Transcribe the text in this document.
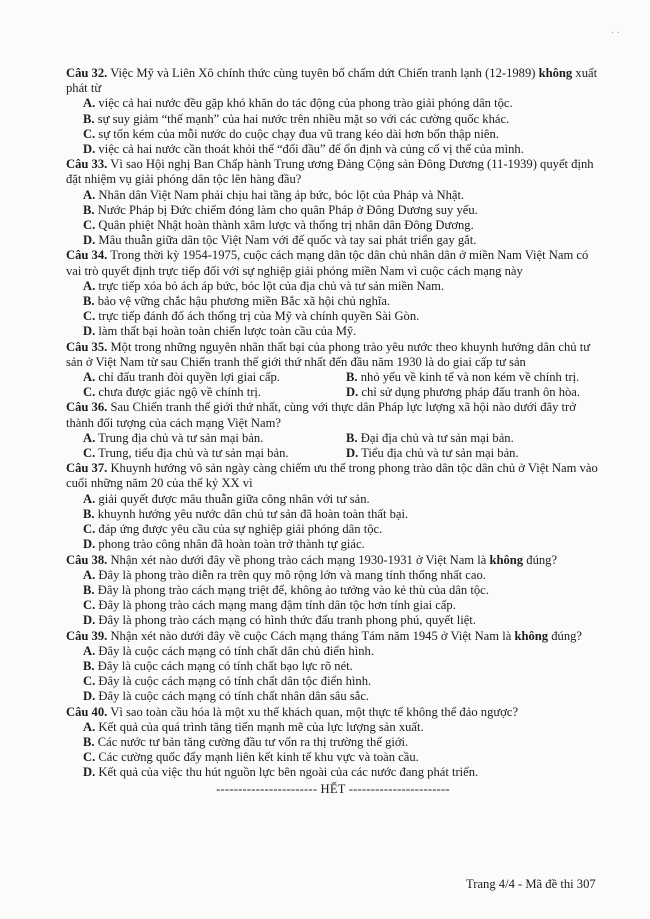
· ·

Câu 32. Việc Mỹ và Liên Xô chính thức cùng tuyên bố chấm dứt Chiến tranh lạnh (12-1989) không xuất phát từ

A. việc cả hai nước đều gặp khó khăn do tác động của phong trào giải phóng dân tộc.

B. sự suy giảm “thế mạnh” của hai nước trên nhiều mặt so với các cường quốc khác.

C. sự tốn kém của mỗi nước do cuộc chạy đua vũ trang kéo dài hơn bốn thập niên.

D. việc cả hai nước cần thoát khỏi thế “đối đầu” để ổn định và củng cố vị thế của mình.

Câu 33. Vì sao Hội nghị Ban Chấp hành Trung ương Đảng Cộng sản Đông Dương (11-1939) quyết định đặt nhiệm vụ giải phóng dân tộc lên hàng đầu?

A. Nhân dân Việt Nam phải chịu hai tầng áp bức, bóc lột của Pháp và Nhật.

B. Nước Pháp bị Đức chiếm đóng làm cho quân Pháp ở Đông Dương suy yếu.

C. Quân phiệt Nhật hoàn thành xâm lược và thống trị nhân dân Đông Dương.

D. Mâu thuẫn giữa dân tộc Việt Nam với đế quốc và tay sai phát triển gay gắt.

Câu 34. Trong thời kỳ 1954-1975, cuộc cách mạng dân tộc dân chủ nhân dân ở miền Nam Việt Nam có vai trò quyết định trực tiếp đối với sự nghiệp giải phóng miền Nam vì cuộc cách mạng này

A. trực tiếp xóa bỏ ách áp bức, bóc lột của địa chủ và tư sản miền Nam.

B. bảo vệ vững chắc hậu phương miền Bắc xã hội chủ nghĩa.

C. trực tiếp đánh đổ ách thống trị của Mỹ và chính quyền Sài Gòn.

D. làm thất bại hoàn toàn chiến lược toàn cầu của Mỹ.

Câu 35. Một trong những nguyên nhân thất bại của phong trào yêu nước theo khuynh hướng dân chủ tư sản ở Việt Nam từ sau Chiến tranh thế giới thứ nhất đến đầu năm 1930 là do giai cấp tư sản

A. chỉ đấu tranh đòi quyền lợi giai cấp.	B. nhỏ yếu về kinh tế và non kém về chính trị.
C. chưa được giác ngộ về chính trị.	D. chỉ sử dụng phương pháp đấu tranh ôn hòa.

Câu 36. Sau Chiến tranh thế giới thứ nhất, cùng với thực dân Pháp lực lượng xã hội nào dưới đây trở thành đối tượng của cách mạng Việt Nam?

A. Trung địa chủ và tư sản mại bản.	B. Đại địa chủ và tư sản mại bản.
C. Trung, tiểu địa chủ và tư sản mại bản.	D. Tiểu địa chủ và tư sản mại bản.

Câu 37. Khuynh hướng vô sản ngày càng chiếm ưu thế trong phong trào dân tộc dân chủ ở Việt Nam vào cuối những năm 20 của thế kỷ XX vì

A. giải quyết được mâu thuẫn giữa công nhân với tư sản.

B. khuynh hướng yêu nước dân chủ tư sản đã hoàn toàn thất bại.

C. đáp ứng được yêu cầu của sự nghiệp giải phóng dân tộc.

D. phong trào công nhân đã hoàn toàn trở thành tự giác.

Câu 38. Nhận xét nào dưới đây về phong trào cách mạng 1930-1931 ở Việt Nam là không đúng?

A. Đây là phong trào diễn ra trên quy mô rộng lớn và mang tính thống nhất cao.

B. Đây là phong trào cách mạng triệt để, không ảo tưởng vào kẻ thù của dân tộc.

C. Đây là phong trào cách mạng mang đậm tính dân tộc hơn tính giai cấp.

D. Đây là phong trào cách mạng có hình thức đấu tranh phong phú, quyết liệt.

Câu 39. Nhận xét nào dưới đây về cuộc Cách mạng tháng Tám năm 1945 ở Việt Nam là không đúng?

A. Đây là cuộc cách mạng có tính chất dân chủ điển hình.

B. Đây là cuộc cách mạng có tính chất bạo lực rõ nét.

C. Đây là cuộc cách mạng có tính chất dân tộc điển hình.

D. Đây là cuộc cách mạng có tính chất nhân dân sâu sắc.

Câu 40. Vì sao toàn cầu hóa là một xu thế khách quan, một thực tế không thể đảo ngược?

A. Kết quả của quá trình tăng tiến mạnh mẽ của lực lượng sản xuất.

B. Các nước tư bản tăng cường đầu tư vốn ra thị trường thế giới.

C. Các cường quốc đẩy mạnh liên kết kinh tế khu vực và toàn cầu.

D. Kết quả của việc thu hút nguồn lực bên ngoài của các nước đang phát triển.

----------------------- HẾT -----------------------
Trang 4/4 - Mã đề thi 307
